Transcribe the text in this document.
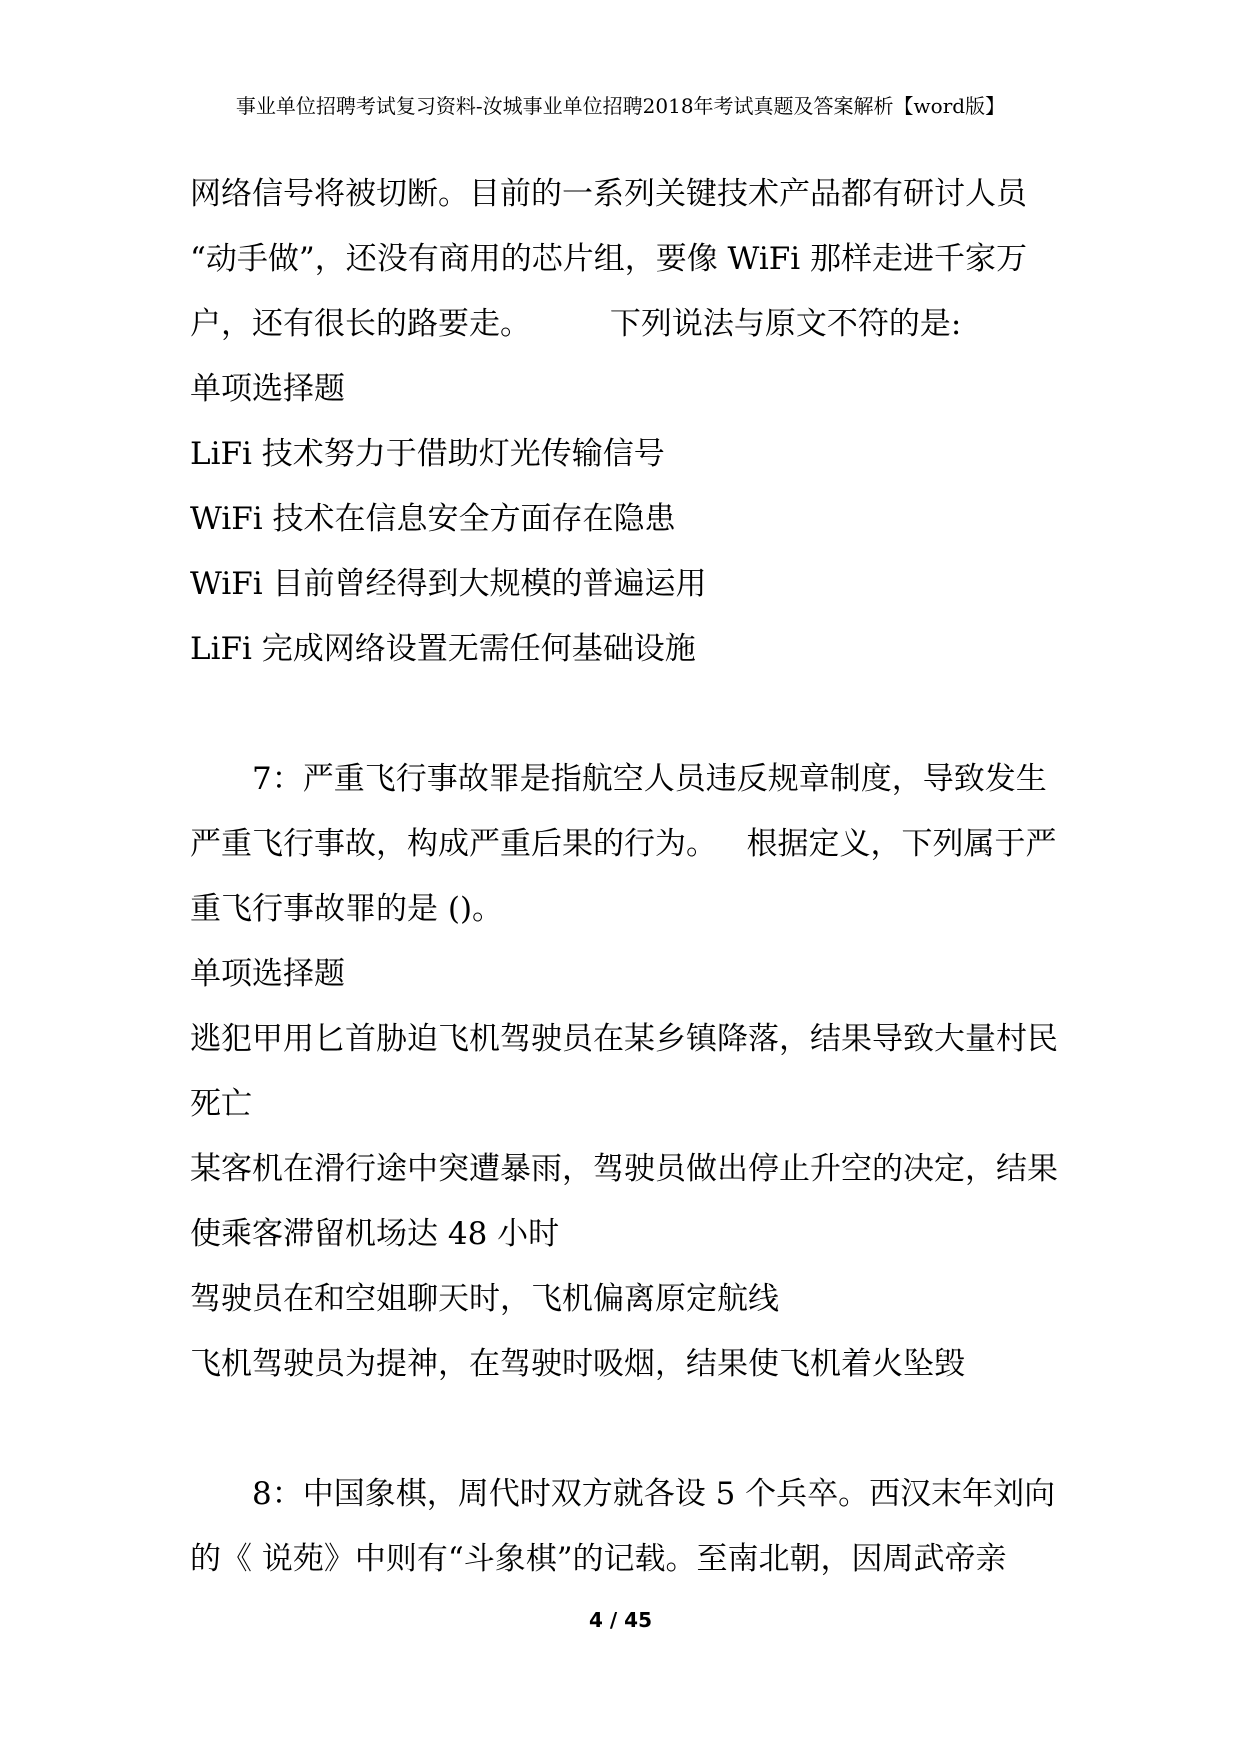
事业单位招聘考试复习资料-汝城事业单位招聘2018年考试真题及答案解析【word版】
网络信号将被切断。目前的一系列关键技术产品都有研讨人员
“动手做”，还没有商用的芯片组，要像 WiFi 那样走进千家万
户，还有很长的路要走。        下列说法与原文不符的是:
单项选择题
LiFi 技术努力于借助灯光传输信号
WiFi 技术在信息安全方面存在隐患
WiFi 目前曾经得到大规模的普遍运用
LiFi 完成网络设置无需任何基础设施
7：严重飞行事故罪是指航空人员违反规章制度，导致发生
严重飞行事故，构成严重后果的行为。   根据定义，下列属于严
重飞行事故罪的是 ()。
单项选择题
逃犯甲用匕首胁迫飞机驾驶员在某乡镇降落，结果导致大量村民
死亡
某客机在滑行途中突遭暴雨，驾驶员做出停止升空的决定，结果
使乘客滞留机场达 48 小时
驾驶员在和空姐聊天时，飞机偏离原定航线
飞机驾驶员为提神，在驾驶时吸烟，结果使飞机着火坠毁
8：中国象棋，周代时双方就各设 5 个兵卒。西汉末年刘向
的《 说苑》中则有“斗象棋”的记载。至南北朝，因周武帝亲
4 / 45
